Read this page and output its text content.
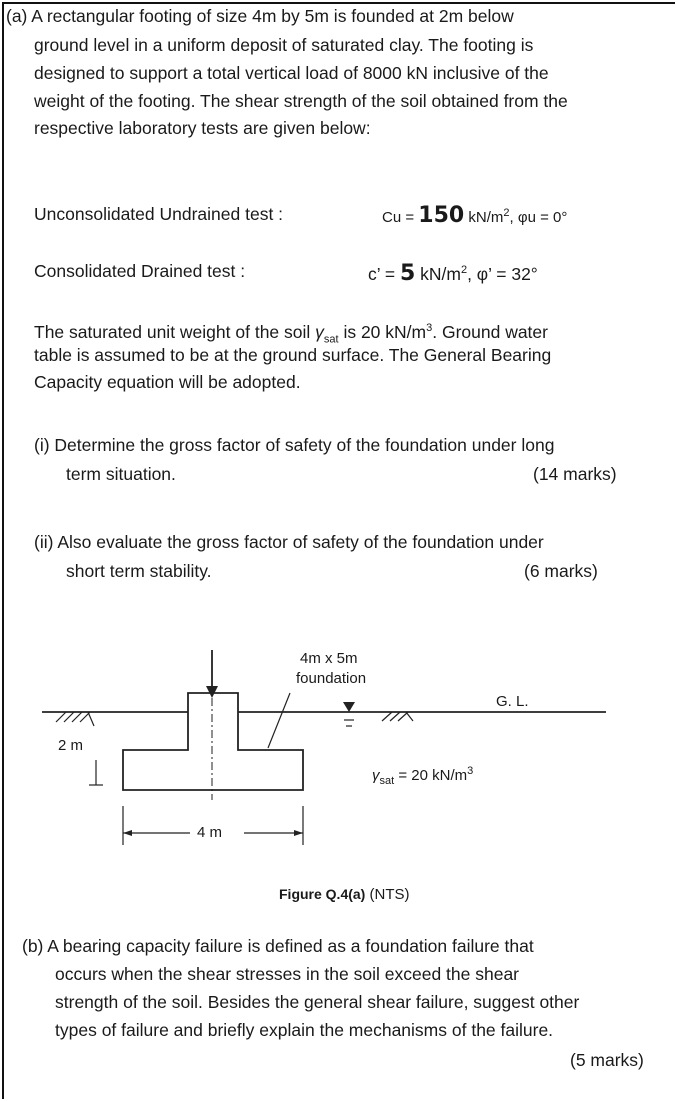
(a) A rectangular footing of size 4m by 5m is founded at 2m below
ground level in a uniform deposit of saturated clay. The footing is
designed to support a total vertical load of 8000 kN inclusive of the
weight of the footing. The shear strength of the soil obtained from the
respective laboratory tests are given below:
Unconsolidated Undrained test :	Cu = 150 $kN/m^2$, φu = 0°
Consolidated Drained test :	c’ = 5 $kN/m^2$, φ’ = 32°
The saturated unit weight of the soil $\gamma_{sat}$ is 20 $kN/m^3$. Ground water
table is assumed to be at the ground surface. The General Bearing
Capacity equation will be adopted.
(i) Determine the gross factor of safety of the foundation under long
term situation.	(14 marks)
(ii) Also evaluate the gross factor of safety of the foundation under
short term stability.	(6 marks)
4m x 5m
foundation
G. L.
2 m
4 m
$\gamma_{sat} = 20$ $kN/m^3$
Figure Q.4(a) (NTS)
(b) A bearing capacity failure is defined as a foundation failure that
occurs when the shear stresses in the soil exceed the shear
strength of the soil. Besides the general shear failure, suggest other
types of failure and briefly explain the mechanisms of the failure.
(5 marks)
